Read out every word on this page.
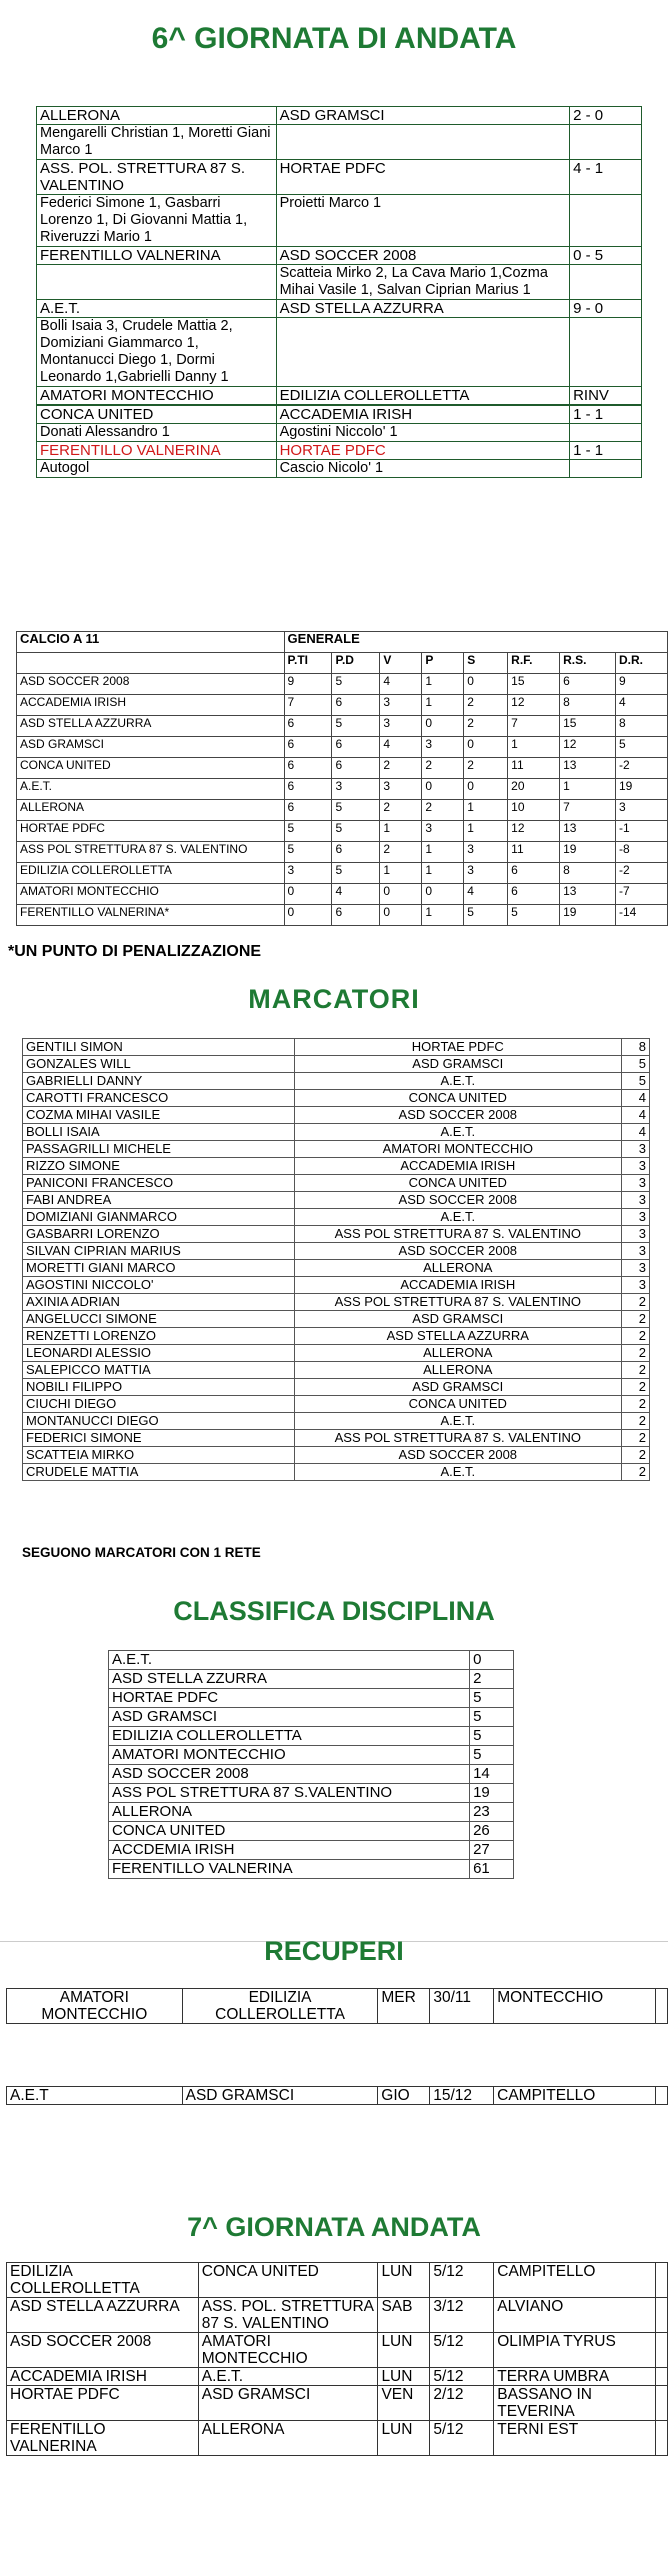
6^ GIORNATA DI ANDATA
ALLERONA	ASD GRAMSCI	2 - 0
Mengarelli Christian 1, Moretti Giani Marco 1		
ASS. POL. STRETTURA 87 S. VALENTINO	HORTAE PDFC	4 - 1
Federici Simone 1, Gasbarri Lorenzo 1, Di Giovanni Mattia 1, Riveruzzi Mario 1	Proietti Marco 1	
FERENTILLO VALNERINA	ASD SOCCER 2008	0 - 5
	Scatteia Mirko 2, La Cava Mario 1,Cozma Mihai Vasile 1, Salvan Ciprian Marius 1	
A.E.T.	ASD STELLA AZZURRA	9 - 0
Bolli Isaia 3, Crudele Mattia 2, Domiziani Giammarco 1, Montanucci Diego 1, Dormi Leonardo 1,Gabrielli Danny 1		
AMATORI MONTECCHIO	EDILIZIA COLLEROLLETTA	RINV

CONCA UNITED	ACCADEMIA IRISH	1 - 1
Donati Alessandro 1	Agostini Niccolo' 1	
FERENTILLO VALNERINA	HORTAE PDFC	1 - 1
Autogol	Cascio Nicolo' 1	
CALCIO A 11	GENERALE							
	P.TI	P.D	V	P	S	R.F.	R.S.	D.R.
ASD SOCCER 2008	9	5	4	1	0	15	6	9
ACCADEMIA IRISH	7	6	3	1	2	12	8	4
ASD STELLA AZZURRA	6	5	3	0	2	7	15	8
ASD GRAMSCI	6	6	4	3	0	1	12	5
CONCA UNITED	6	6	2	2	2	11	13	-2
A.E.T.	6	3	3	0	0	20	1	19
ALLERONA	6	5	2	2	1	10	7	3
HORTAE PDFC	5	5	1	3	1	12	13	-1
ASS POL STRETTURA 87 S. VALENTINO	5	6	2	1	3	11	19	-8
EDILIZIA COLLEROLLETTA	3	5	1	1	3	6	8	-2
AMATORI MONTECCHIO	0	4	0	0	4	6	13	-7
FERENTILLO VALNERINA*	0	6	0	1	5	5	19	-14
*UN PUNTO DI PENALIZZAZIONE
MARCATORI
GENTILI SIMON	HORTAE PDFC	8
GONZALES WILL	ASD GRAMSCI	5
GABRIELLI DANNY	A.E.T.	5
CAROTTI FRANCESCO	CONCA UNITED	4
COZMA MIHAI VASILE	ASD SOCCER 2008	4
BOLLI ISAIA	A.E.T.	4
PASSAGRILLI MICHELE	AMATORI MONTECCHIO	3
RIZZO SIMONE	ACCADEMIA IRISH	3
PANICONI FRANCESCO	CONCA UNITED	3
FABI ANDREA	ASD SOCCER 2008	3
DOMIZIANI GIANMARCO	A.E.T.	3
GASBARRI LORENZO	ASS POL STRETTURA 87 S. VALENTINO	3
SILVAN CIPRIAN MARIUS	ASD SOCCER 2008	3
MORETTI GIANI MARCO	ALLERONA	3
AGOSTINI NICCOLO'	ACCADEMIA IRISH	3
AXINIA ADRIAN	ASS POL STRETTURA 87 S. VALENTINO	2
ANGELUCCI SIMONE	ASD GRAMSCI	2
RENZETTI LORENZO	ASD STELLA AZZURRA	2
LEONARDI ALESSIO	ALLERONA	2
SALEPICCO MATTIA	ALLERONA	2
NOBILI FILIPPO	ASD GRAMSCI	2
CIUCHI DIEGO	CONCA UNITED	2
MONTANUCCI DIEGO	A.E.T.	2
FEDERICI SIMONE	ASS POL STRETTURA 87 S. VALENTINO	2
SCATTEIA MIRKO	ASD SOCCER 2008	2
CRUDELE MATTIA	A.E.T.	2
SEGUONO MARCATORI CON 1 RETE
CLASSIFICA DISCIPLINA
A.E.T.	0
ASD STELLA ZZURRA	2
HORTAE PDFC	5
ASD GRAMSCI	5
EDILIZIA COLLEROLLETTA	5
AMATORI MONTECCHIO	5
ASD SOCCER 2008	14
ASS POL STRETTURA 87 S.VALENTINO	19
ALLERONA	23
CONCA UNITED	26
ACCDEMIA IRISH	27
FERENTILLO VALNERINA	61
RECUPERI
AMATORI MONTECCHIO	EDILIZIA COLLEROLLETTA	MER	30/11	MONTECCHIO	
A.E.T	ASD GRAMSCI	GIO	15/12	CAMPITELLO	
7^ GIORNATA ANDATA
EDILIZIA COLLEROLLETTA	CONCA UNITED	LUN	5/12	CAMPITELLO	
ASD STELLA AZZURRA	ASS. POL. STRETTURA 87 S. VALENTINO	SAB	3/12	ALVIANO	
ASD SOCCER 2008	AMATORI MONTECCHIO	LUN	5/12	OLIMPIA TYRUS	
ACCADEMIA IRISH	A.E.T.	LUN	5/12	TERRA UMBRA	
HORTAE PDFC	ASD GRAMSCI	VEN	2/12	BASSANO IN TEVERINA	
FERENTILLO VALNERINA	ALLERONA	LUN	5/12	TERNI EST	
